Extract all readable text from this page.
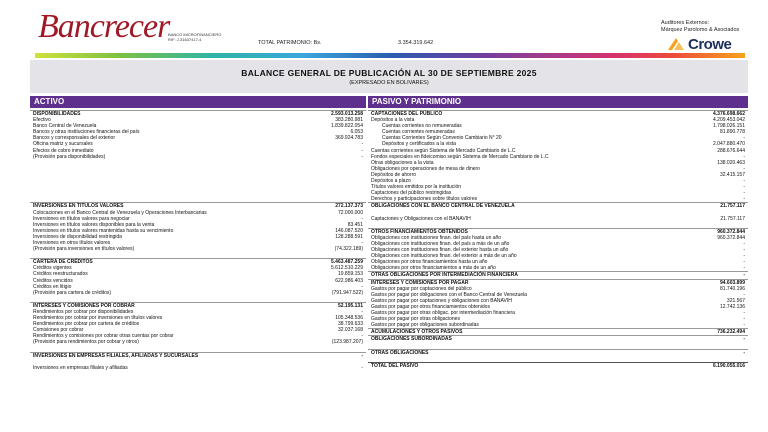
Bancrecer
BANCO MICROFINANCIERO RIF: J-31637417-4
TOTAL PATRIMONIO: Bs.	3.354.319.642
Auditores Externos:
Márquez Parolomo & Asociados
Crowe
BALANCE GENERAL DE PUBLICACIÓN AL 30 DE SEPTIEMBRE 2025
(EXPRESADO EN BOLIVARES)
ACTIVO	PASIVO Y PATRIMONIO
DISPONIBILIDADES	2.593.013.258
Efectivo	383.280.981
Banco Central de Venezuela	1.839.822.054
Bancos y otras instituciones financieras del país	6.053
Bancos y corresponsales del exterior	369.924.783
Oficina matriz y sucursales	-
Efectos de cobro inmediato	-
(Provisión para disponibilidades)	-
INVERSIONES EN TITULOS VALORES	272.137.373
Colocaciones en el Banco Central de Venezuela y Operaciones Interbancarias	72.000.000
Inversiones en títulos valores para negociar	-
Inversiones en títulos valores disponibles para la venta	83.451
Inversiones en títulos valores mantenidas hasta su vencimiento	146.087.520
Inversiones de disponibilidad restringida	128.288.591
Inversiones en otros títulos valores	-
(Provisión para inversiones en títulos valores)	(74.322.189)
CARTERA DE CRÉDITOS	5.463.487.259
Créditos vigentes	5.612.510.229
Créditos reestructurados	19.859.153
Créditos vencidos	622.986.403
Créditos en litigio	-
(Provisión para cartera de créditos)	(791.947.522)
INTERESES Y COMISIONES POR COBRAR	52.195.131
Rendimientos por cobrar por disponibilidades	-
Rendimientos por cobrar por inversiones en títulos valores	105.348.536
Rendimientos por cobrar por cartera de créditos	38.799.633
Comisiones por cobrar	32.037.168
Rendimientos y comisiones por cobrar otras cuentas por cobrar	-
(Provisión para rendimientos por cobrar y otros)	(123.987.207)
INVERSIONES EN EMPRESAS FILIALES, AFILIADAS Y SUCURSALES	-
Inversiones en empresas filiales y afiliadas	-
CAPTACIONES DEL PÚBLICO	4.376.698.662
Depósitos a la vista	4.209.453.042
Cuentas corrientes no remuneradas	1.798.026.151
Cuentas corrientes remuneradas	81.890.778
Cuentas Corrientes Según Convenio Cambiario N° 20	-
Depósitos y certificados a la vista	2.047.880.470
Cuentas corrientes según Sistema de Mercado Cambiario de L.C	288.676.644
Fondos especiales en fideicomiso según Sistema de Mercado Cambiario de L.C	-
Otras obligaciones a la vista	138.020.463
Obligaciones por operaciones de mesa de dinero	-
Depósitos de ahorro	32.415.157
Depósitos a plazo	-
Títulos valores emitidos por la institución	-
Captaciones del público restringidas	-
Derechos y participaciones sobre títulos valores	-
OBLIGACIONES CON EL BANCO CENTRAL DE VENEZUELA	21.757.117
Captaciones y Obligaciones con el BANAVIH	21.757.117
OTROS FINANCIAMIENTOS OBTENIDOS	960.372.844
Obligaciones con instituciones finan. del país hasta un año	960.372.844
Obligaciones con instituciones finan. del país a más de un año	-
Obligaciones con instituciones finan. del exterior hasta un año	-
Obligaciones con instituciones finan. del exterior a más de un año	-
Obligaciones por otros financiamientos hasta un año	-
Obligaciones por otros financiamientos a más de un año	-
OTRAS OBLIGACIONES POR INTERMEDIACIÓN FINANCIERA	-
INTERESES Y COMISIONES POR PAGAR	94.603.899
Gastos por pagar por captaciones del público	81.740.196
Gastos por pagar por obligaciones con el Banco Central de Venezuela	-
Gastos por pagar por captaciones y obligaciones con BANAVIH	321.567
Gastos por pagar por otros financiamientos obtenidos	12.742.136
Gastos por pagar por otras obligac. por intermediación financiera	-
Gastos por pagar por otras obligaciones	-
Gastos por pagar por obligaciones subordinadas	-
ACUMULACIONES Y OTROS PASIVOS	736.232.494
OBLIGACIONES SUBORDINADAS	-
OTRAS OBLIGACIONES	-
TOTAL DEL PASIVO	6.190.055.016
